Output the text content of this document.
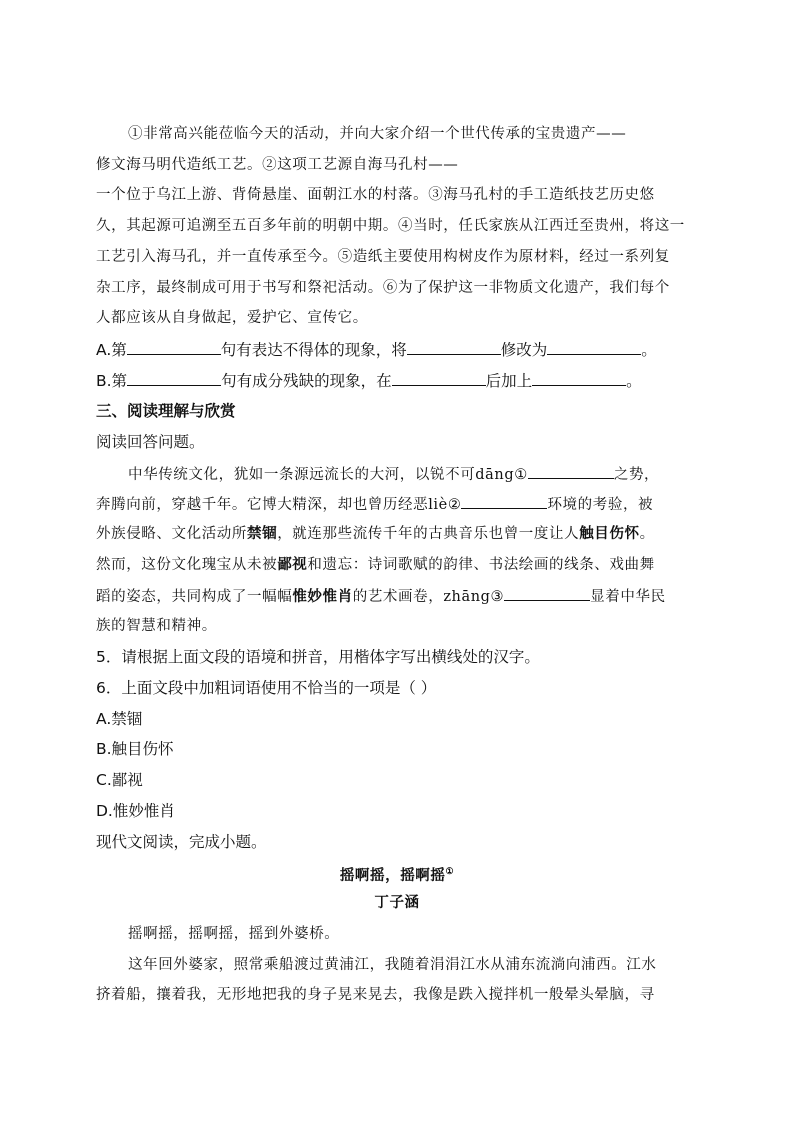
①非常高兴能莅临今天的活动，并向大家介绍一个世代传承的宝贵遗产——
修文海马明代造纸工艺。②这项工艺源自海马孔村——
一个位于乌江上游、背倚悬崖、面朝江水的村落。③海马孔村的手工造纸技艺历史悠
久，其起源可追溯至五百多年前的明朝中期。④当时，任氏家族从江西迁至贵州，将这一
工艺引入海马孔，并一直传承至今。⑤造纸主要使用构树皮作为原材料，经过一系列复
杂工序，最终制成可用于书写和祭祀活动。⑥为了保护这一非物质文化遗产，我们每个
人都应该从自身做起，爱护它、宣传它。
A.第	句有表达不得体的现象，将	修改为	。
B.第	句有成分残缺的现象，在	后加上	。
三、阅读理解与欣赏
阅读回答问题。
中华传统文化，犹如一条源远流长的大河，以锐不可dāng①	之势，
奔腾向前，穿越千年。它博大精深，却也曾历经恶liè②	环境的考验，被
外族侵略、文化活动所禁锢，就连那些流传千年的古典音乐也曾一度让人触目伤怀。
然而，这份文化瑰宝从未被鄙视和遗忘：诗词歌赋的韵律、书法绘画的线条、戏曲舞
蹈的姿态，共同构成了一幅幅惟妙惟肖的艺术画卷，zhāng③	显着中华民
族的智慧和精神。
5．请根据上面文段的语境和拼音，用楷体字写出横线处的汉字。
6．上面文段中加粗词语使用不恰当的一项是（ ）
A.禁锢
B.触目伤怀
C.鄙视
D.惟妙惟肖
现代文阅读，完成小题。
摇啊摇，摇啊摇①
丁子涵
摇啊摇，摇啊摇，摇到外婆桥。
这年回外婆家，照常乘船渡过黄浦江，我随着涓涓江水从浦东流淌向浦西。江水
挤着船，攘着我，无形地把我的身子晃来晃去，我像是跌入搅拌机一般晕头晕脑，寻
